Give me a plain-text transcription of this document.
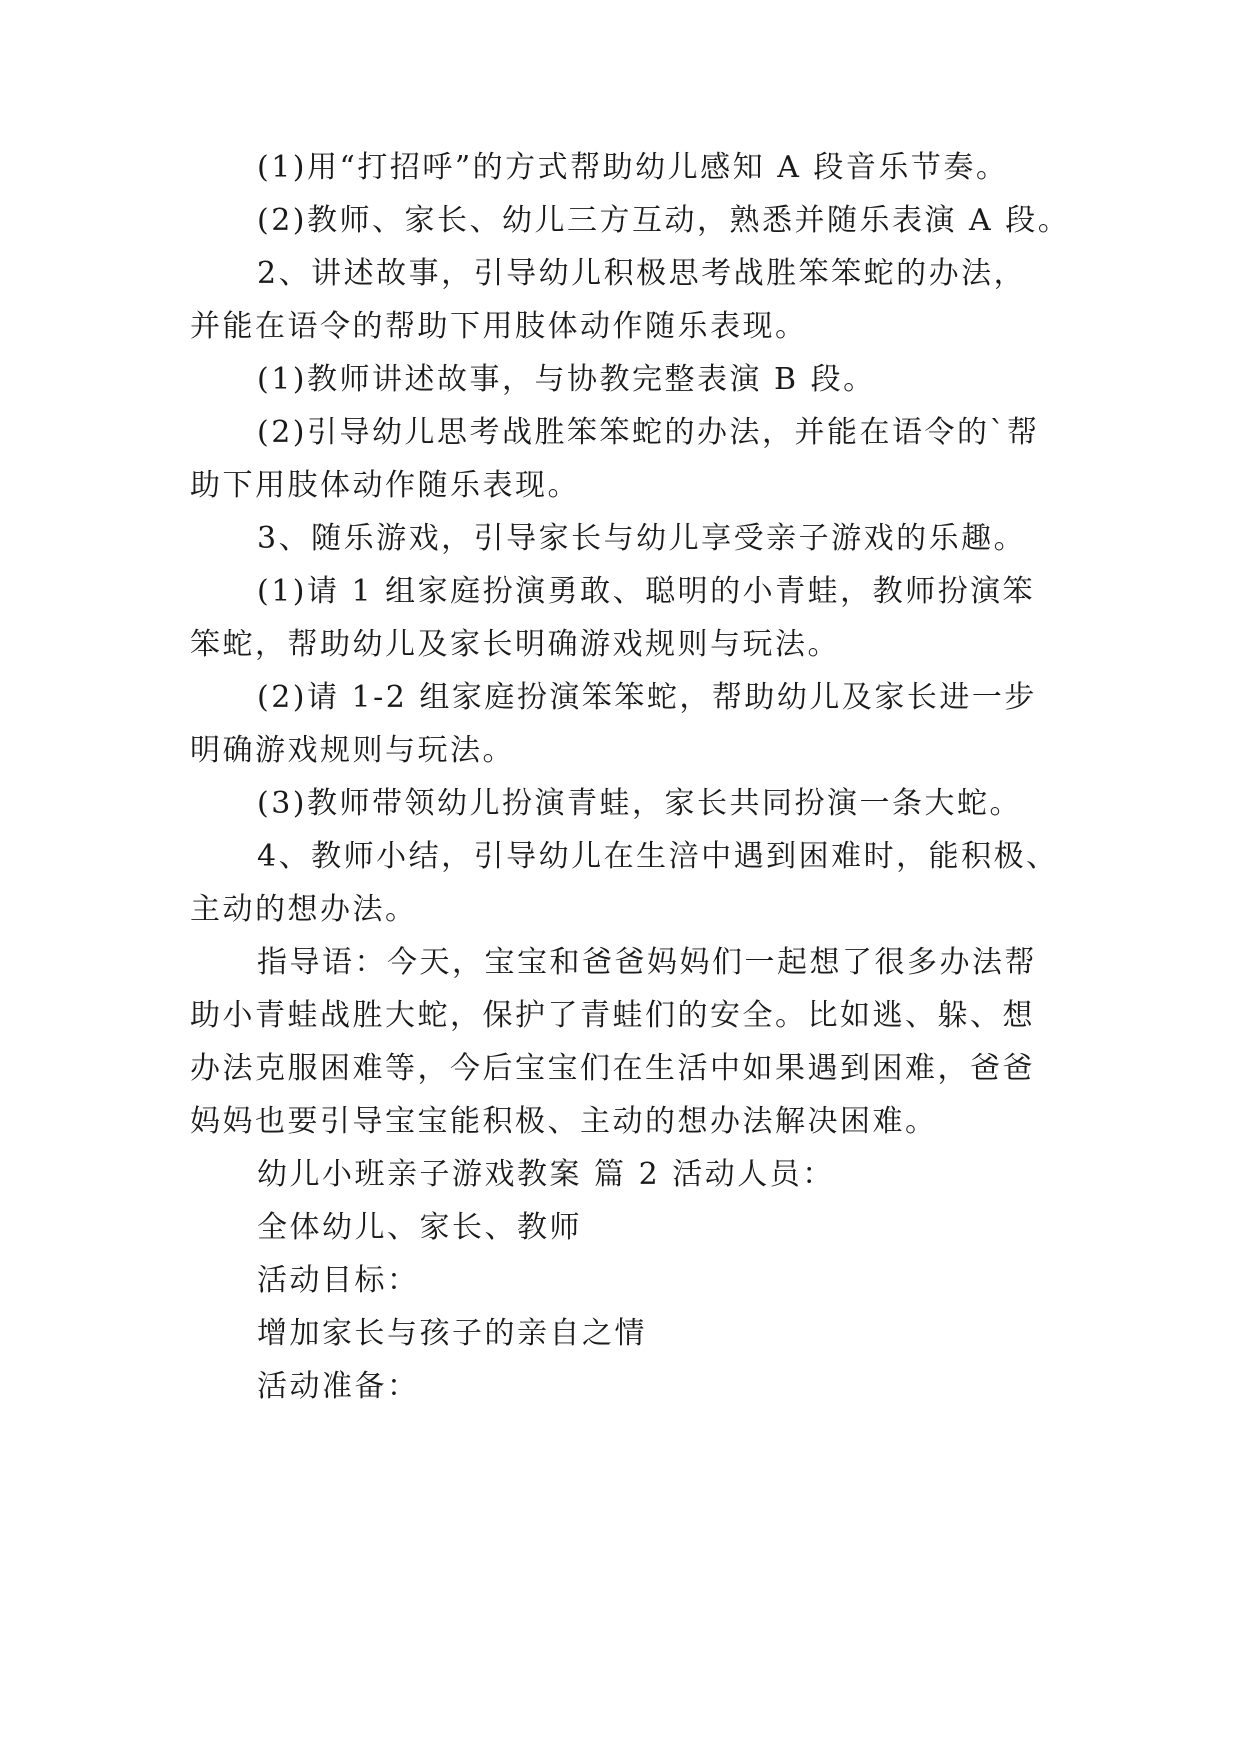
(1)用“打招呼”的方式帮助幼儿感知 A 段音乐节奏。
(2)教师、家长、幼儿三方互动，熟悉并随乐表演 A 段。
2、讲述故事，引导幼儿积极思考战胜笨笨蛇的办法，
并能在语令的帮助下用肢体动作随乐表现。
(1)教师讲述故事，与协教完整表演 B 段。
(2)引导幼儿思考战胜笨笨蛇的办法，并能在语令的`帮
助下用肢体动作随乐表现。
3、随乐游戏，引导家长与幼儿享受亲子游戏的乐趣。
(1)请 1 组家庭扮演勇敢、聪明的小青蛙，教师扮演笨
笨蛇，帮助幼儿及家长明确游戏规则与玩法。
(2)请 1-2 组家庭扮演笨笨蛇，帮助幼儿及家长进一步
明确游戏规则与玩法。
(3)教师带领幼儿扮演青蛙，家长共同扮演一条大蛇。
4、教师小结，引导幼儿在生涪中遇到困难时，能积极、
主动的想办法。
指导语：今天，宝宝和爸爸妈妈们一起想了很多办法帮
助小青蛙战胜大蛇，保护了青蛙们的安全。比如逃、躲、想
办法克服困难等，今后宝宝们在生活中如果遇到困难，爸爸
妈妈也要引导宝宝能积极、主动的想办法解决困难。
幼儿小班亲子游戏教案 篇 2 活动人员：
全体幼儿、家长、教师
活动目标：
增加家长与孩子的亲自之情
活动准备：
